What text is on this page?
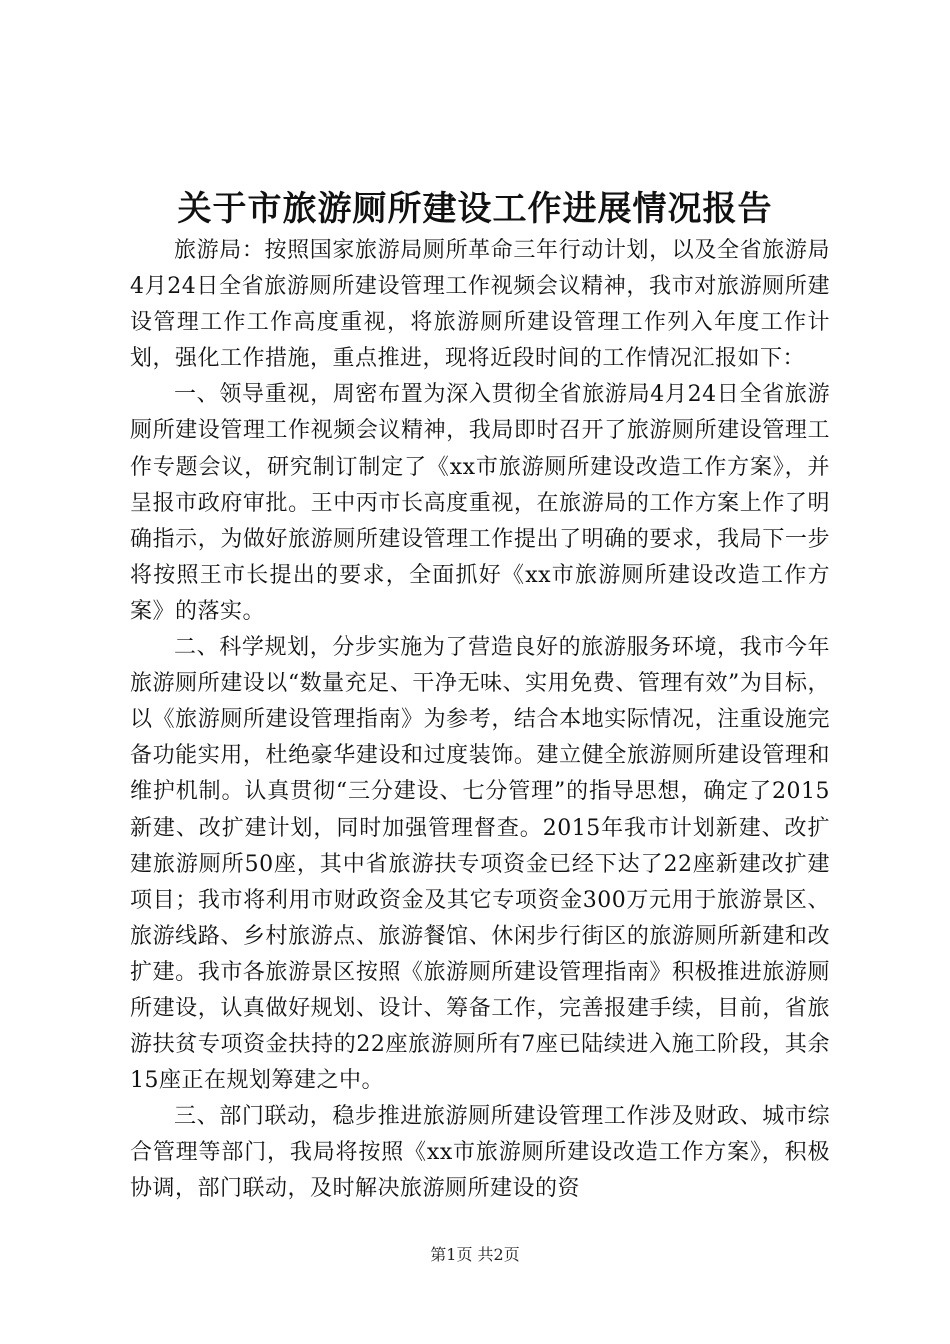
关于市旅游厕所建设工作进展情况报告

旅游局：按照国家旅游局厕所革命三年行动计划，以及全省旅游局4月24日全省旅游厕所建设管理工作视频会议精神，我市对旅游厕所建设管理工作工作高度重视，将旅游厕所建设管理工作列入年度工作计划，强化工作措施，重点推进，现将近段时间的工作情况汇报如下：

一、领导重视，周密布置为深入贯彻全省旅游局4月24日全省旅游厕所建设管理工作视频会议精神，我局即时召开了旅游厕所建设管理工作专题会议，研究制订制定了《xx市旅游厕所建设改造工作方案》，并呈报市政府审批。王中丙市长高度重视，在旅游局的工作方案上作了明确指示，为做好旅游厕所建设管理工作提出了明确的要求，我局下一步将按照王市长提出的要求，全面抓好《xx市旅游厕所建设改造工作方案》的落实。

二、科学规划，分步实施为了营造良好的旅游服务环境，我市今年旅游厕所建设以“数量充足、干净无味、实用免费、管理有效”为目标，以《旅游厕所建设管理指南》为参考，结合本地实际情况，注重设施完备功能实用，杜绝豪华建设和过度装饰。建立健全旅游厕所建设管理和维护机制。认真贯彻“三分建设、七分管理”的指导思想，确定了2015新建、改扩建计划，同时加强管理督查。2015年我市计划新建、改扩建旅游厕所50座，其中省旅游扶专项资金已经下达了22座新建改扩建项目；我市将利用市财政资金及其它专项资金300万元用于旅游景区、旅游线路、乡村旅游点、旅游餐馆、休闲步行街区的旅游厕所新建和改扩建。我市各旅游景区按照《旅游厕所建设管理指南》积极推进旅游厕所建设，认真做好规划、设计、筹备工作，完善报建手续，目前，省旅游扶贫专项资金扶持的22座旅游厕所有7座已陆续进入施工阶段，其余15座正在规划筹建之中。

三、部门联动，稳步推进旅游厕所建设管理工作涉及财政、城市综合管理等部门，我局将按照《xx市旅游厕所建设改造工作方案》，积极协调，部门联动，及时解决旅游厕所建设的资

第1页 共2页
